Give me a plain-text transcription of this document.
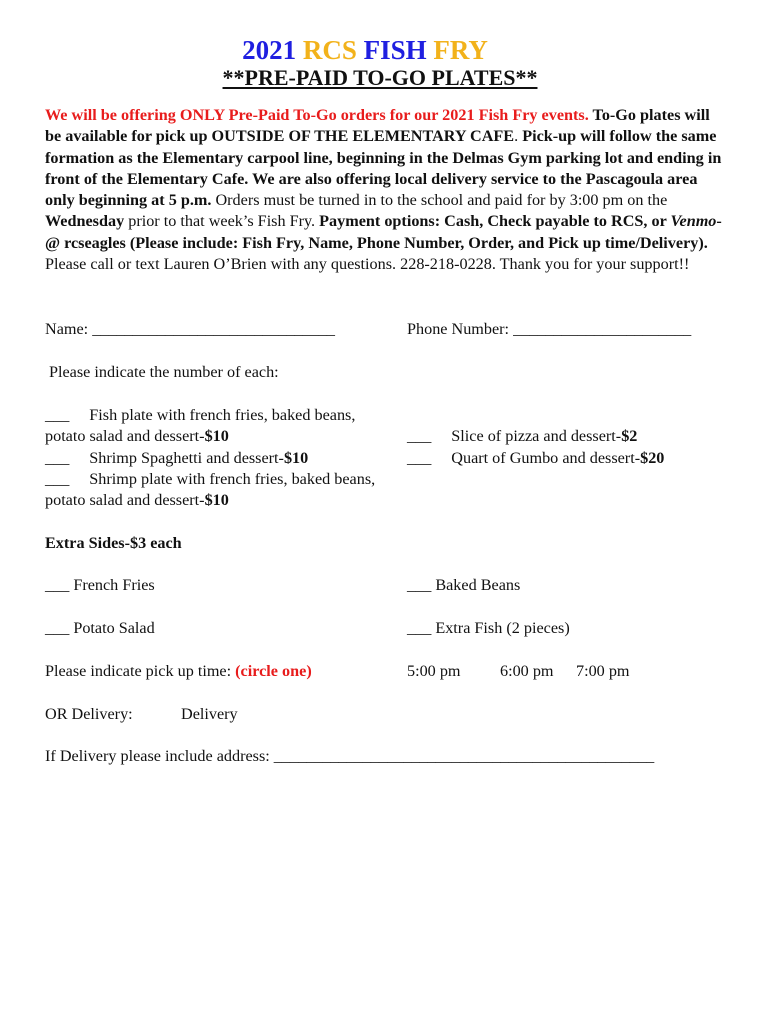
2021 RCS FISH FRY
**PRE-PAID TO-GO PLATES**
We will be offering ONLY Pre-Paid To-Go orders for our 2021 Fish Fry events. To-Go plates will be available for pick up OUTSIDE OF THE ELEMENTARY CAFE. Pick-up will follow the same formation as the Elementary carpool line, beginning in the Delmas Gym parking lot and ending in front of the Elementary Cafe. We are also offering local delivery service to the Pascagoula area only beginning at 5 p.m. Orders must be turned in to the school and paid for by 3:00 pm on the Wednesday prior to that week’s Fish Fry. Payment options: Cash, Check payable to RCS, or Venmo- @ rcseagles (Please include: Fish Fry, Name, Phone Number, Order, and Pick up time/Delivery). Please call or text Lauren O’Brien with any questions. 228-218-0228. Thank you for your support!!
Name: ______________________________	Phone Number: ______________________
Please indicate the number of each:
___ Fish plate with french fries, baked beans,
potato salad and dessert-$10
___ Shrimp Spaghetti and dessert-$10
___ Shrimp plate with french fries, baked beans,
potato salad and dessert-$10
___ Slice of pizza and dessert-$2
___ Quart of Gumbo and dessert-$20
Extra Sides-$3 each
___ French Fries	___ Baked Beans
___ Potato Salad	___ Extra Fish (2 pieces)
Please indicate pick up time: (circle one)	5:00 pm 6:00 pm 7:00 pm
OR Delivery:	Delivery
If Delivery please include address: _______________________________________________
